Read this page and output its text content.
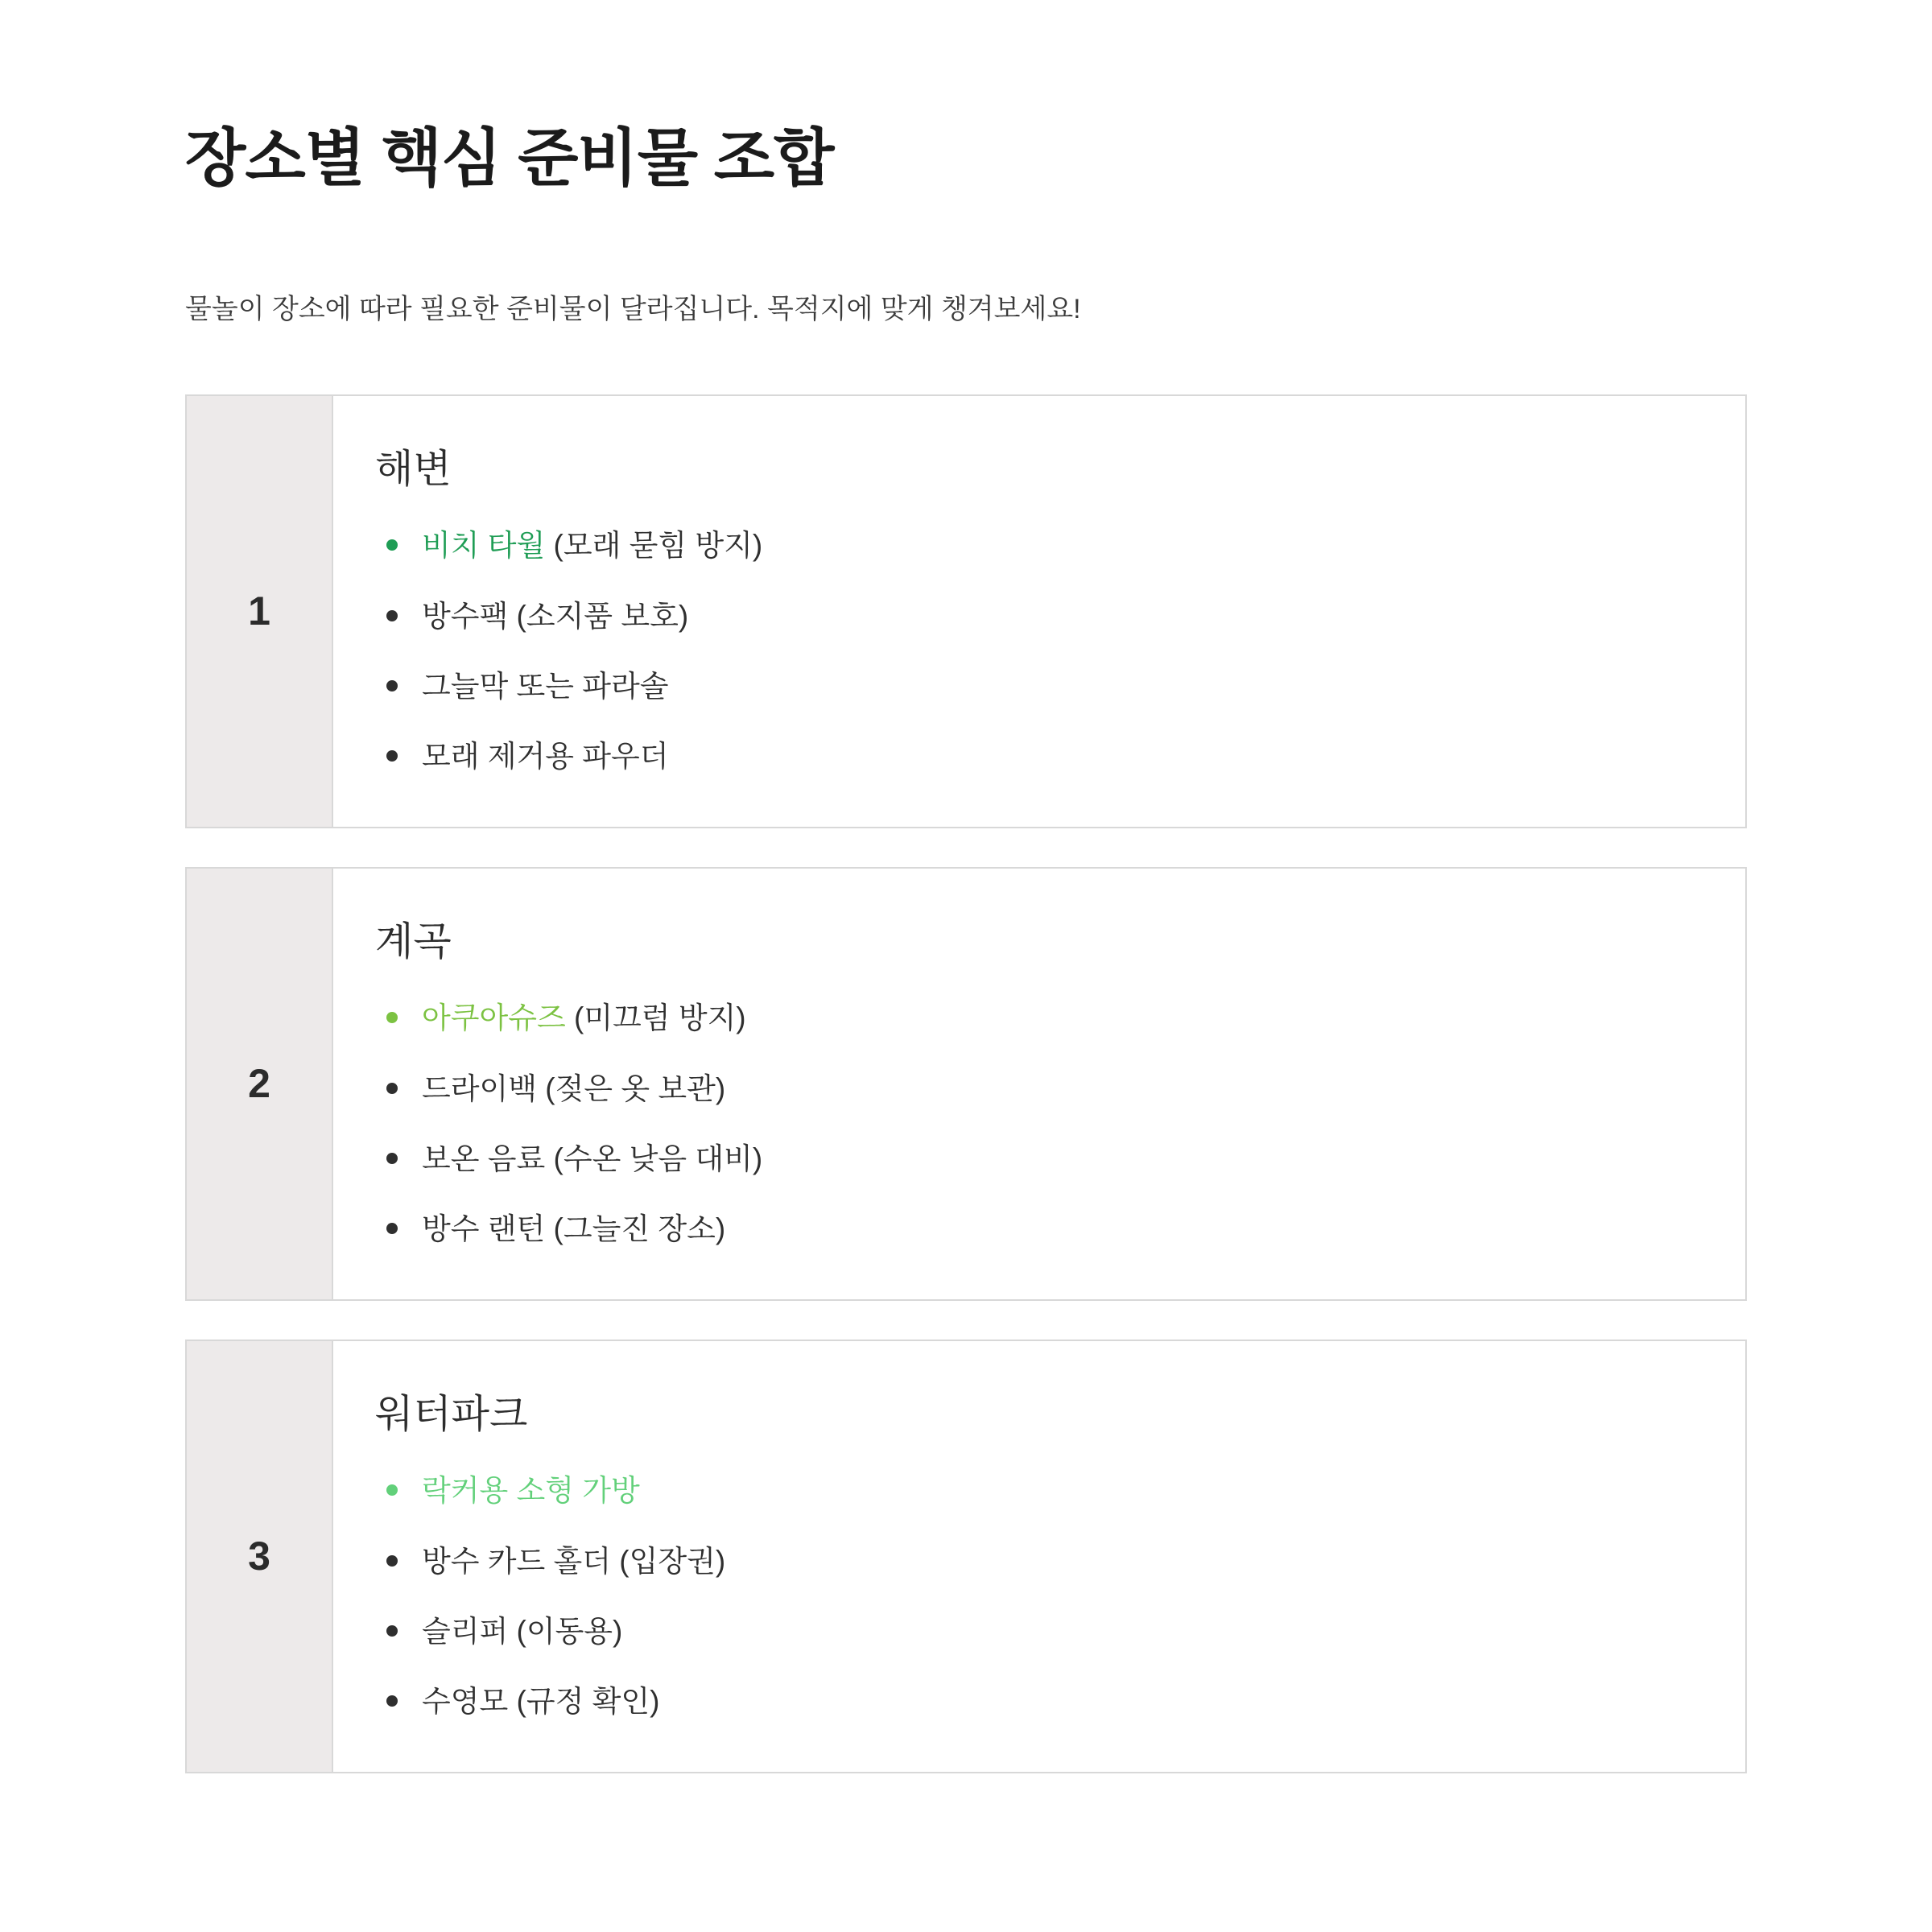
장소별 핵심 준비물 조합

물놀이 장소에 따라 필요한 준비물이 달라집니다. 목적지에 맞게 챙겨보세요!

1
해변
비치 타월 (모래 묻힘 방지)
방수팩 (소지품 보호)
그늘막 또는 파라솔
모래 제거용 파우더
2
계곡
아쿠아슈즈 (미끄럼 방지)
드라이백 (젖은 옷 보관)
보온 음료 (수온 낮음 대비)
방수 랜턴 (그늘진 장소)
3
워터파크
락커용 소형 가방
방수 카드 홀더 (입장권)
슬리퍼 (이동용)
수영모 (규정 확인)
